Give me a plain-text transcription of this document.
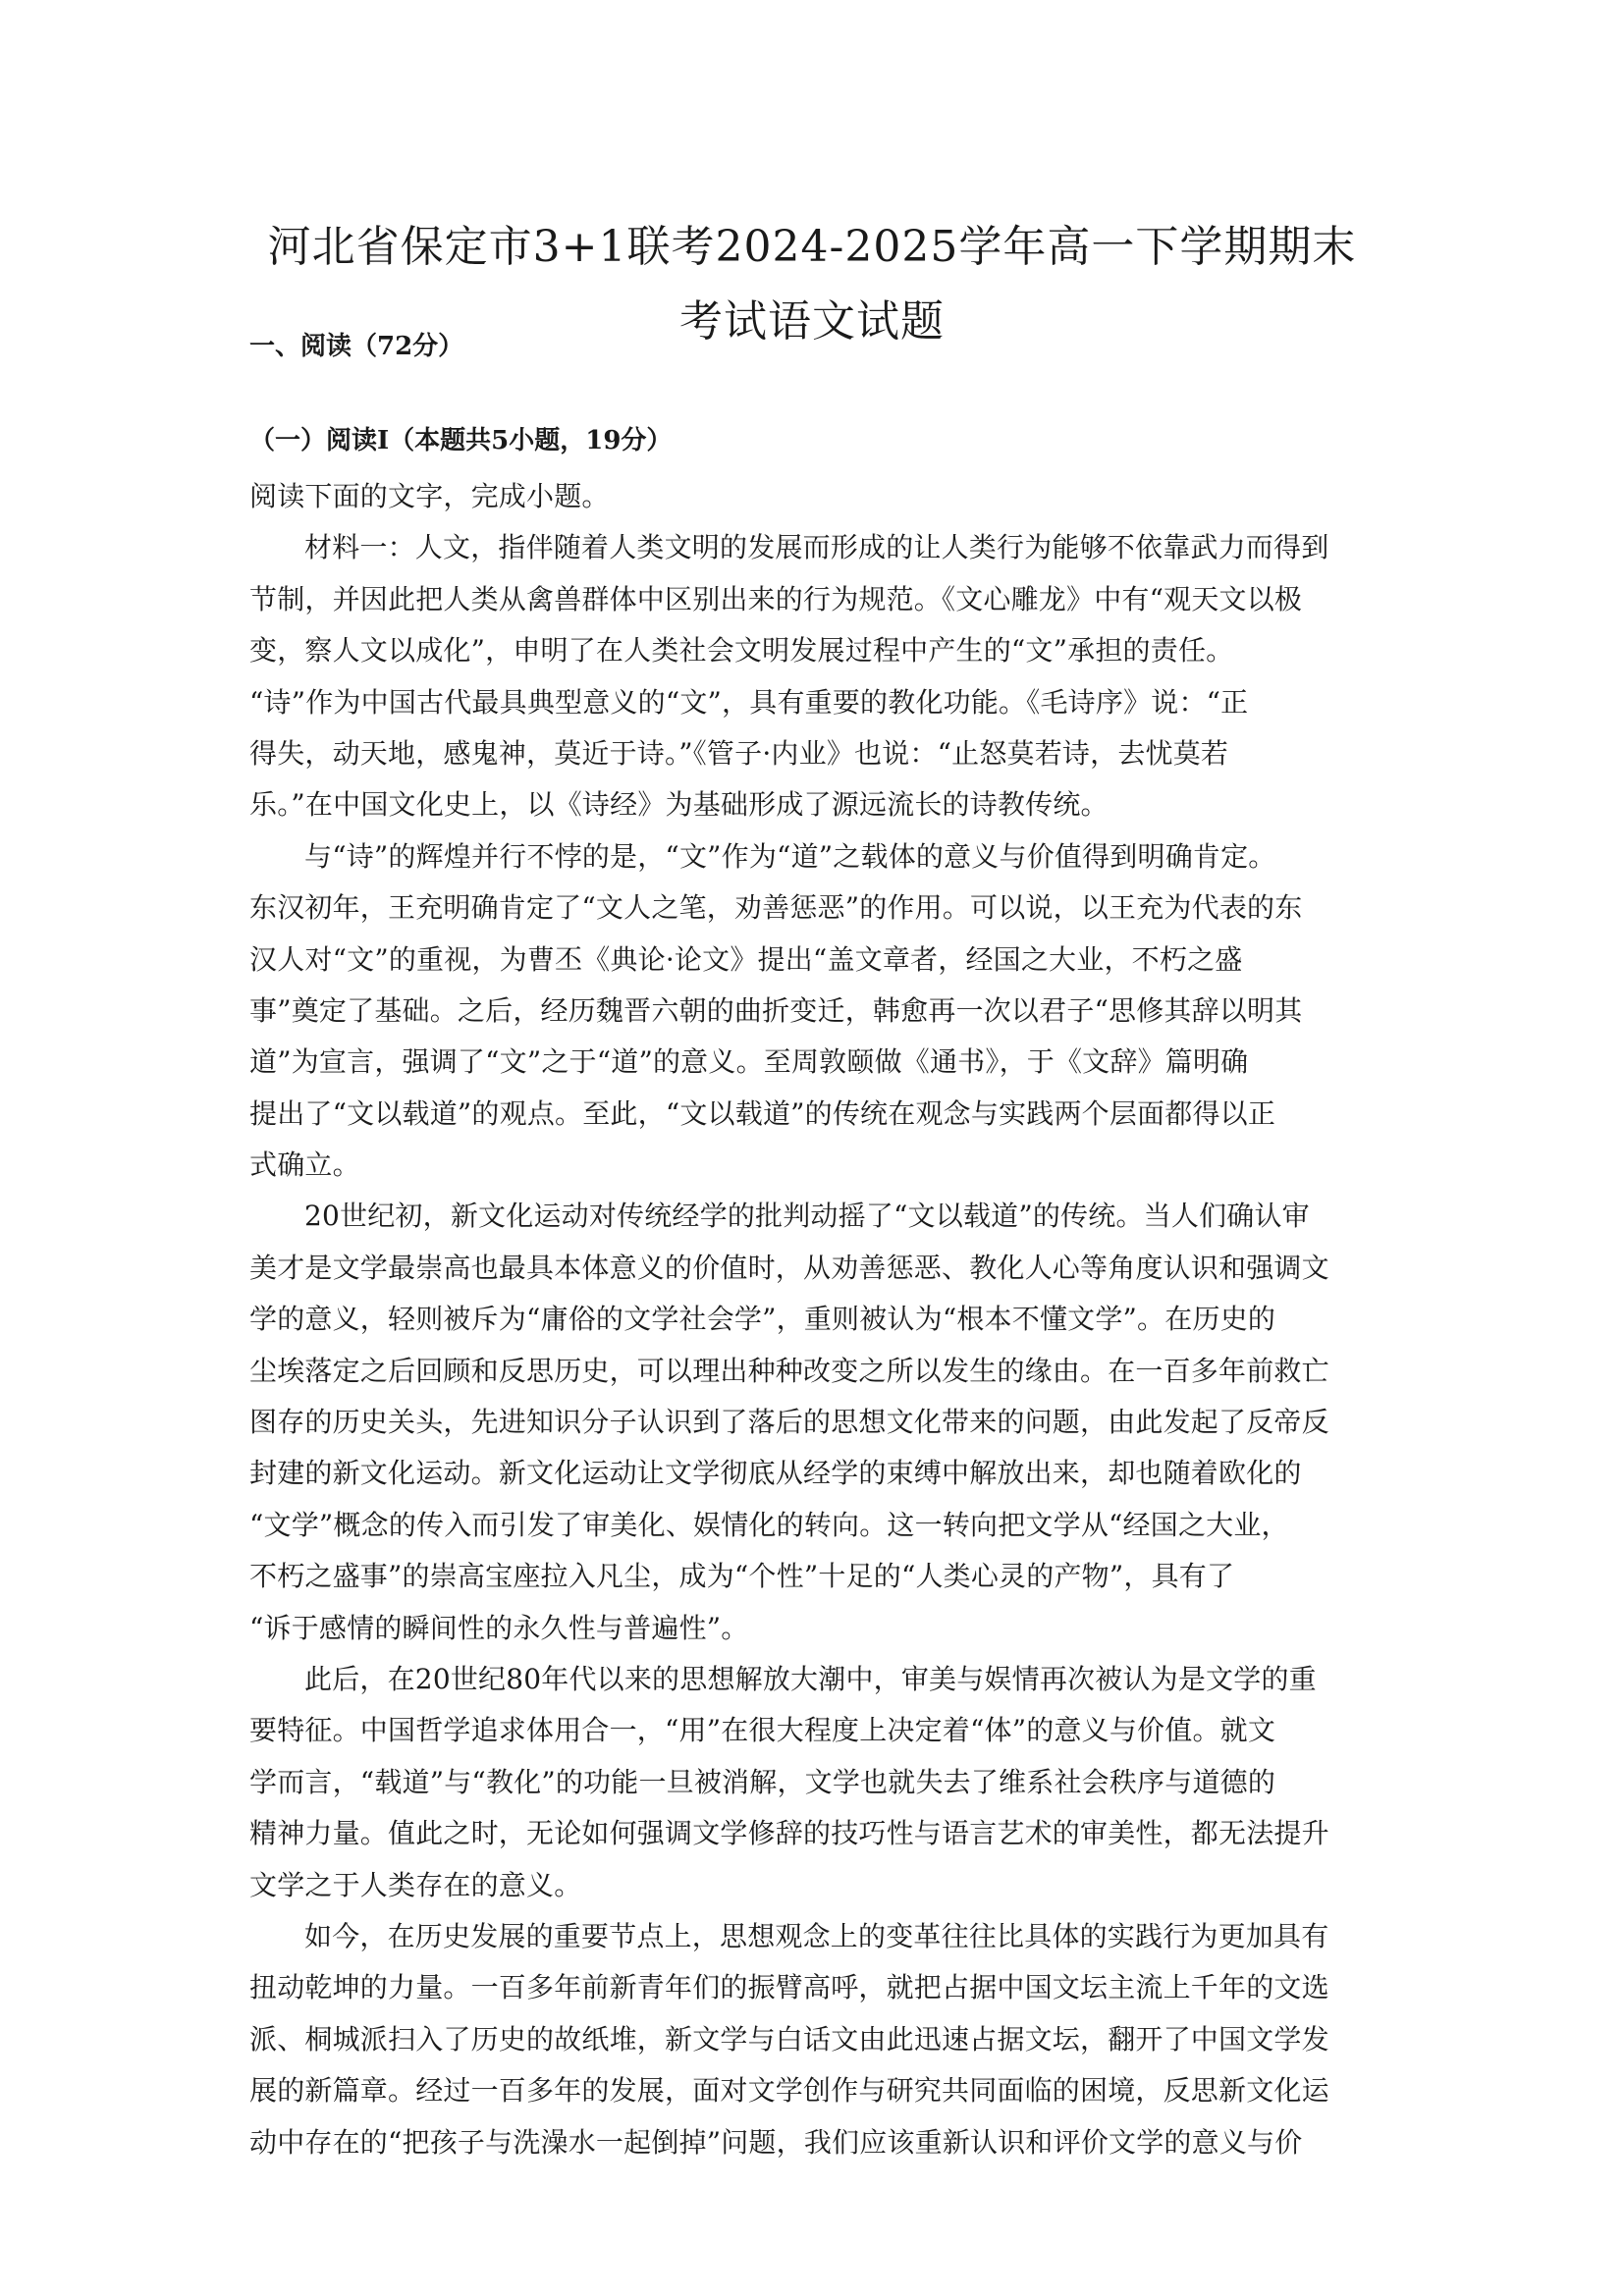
河北省保定市3+1联考2024-2025学年高一下学期期末
考试语文试题
一、阅读（72分）
（一）阅读Ⅰ（本题共5小题，19分）
阅读下面的文字，完成小题。
材料一：人文，指伴随着人类文明的发展而形成的让人类行为能够不依靠武力而得到
节制，并因此把人类从禽兽群体中区别出来的行为规范。《文心雕龙》中有“观天文以极
变，察人文以成化”，申明了在人类社会文明发展过程中产生的“文”承担的责任。
“诗”作为中国古代最具典型意义的“文”，具有重要的教化功能。《毛诗序》说：“正
得失，动天地，感鬼神，莫近于诗。”《管子·内业》也说：“止怒莫若诗，去忧莫若
乐。”在中国文化史上，以《诗经》为基础形成了源远流长的诗教传统。
与“诗”的辉煌并行不悖的是，“文”作为“道”之载体的意义与价值得到明确肯定。
东汉初年，王充明确肯定了“文人之笔，劝善惩恶”的作用。可以说，以王充为代表的东
汉人对“文”的重视，为曹丕《典论·论文》提出“盖文章者，经国之大业，不朽之盛
事”奠定了基础。之后，经历魏晋六朝的曲折变迁，韩愈再一次以君子“思修其辞以明其
道”为宣言，强调了“文”之于“道”的意义。至周敦颐做《通书》，于《文辞》篇明确
提出了“文以载道”的观点。至此，“文以载道”的传统在观念与实践两个层面都得以正
式确立。
20世纪初，新文化运动对传统经学的批判动摇了“文以载道”的传统。当人们确认审
美才是文学最崇高也最具本体意义的价值时，从劝善惩恶、教化人心等角度认识和强调文
学的意义，轻则被斥为“庸俗的文学社会学”，重则被认为“根本不懂文学”。在历史的
尘埃落定之后回顾和反思历史，可以理出种种改变之所以发生的缘由。在一百多年前救亡
图存的历史关头，先进知识分子认识到了落后的思想文化带来的问题，由此发起了反帝反
封建的新文化运动。新文化运动让文学彻底从经学的束缚中解放出来，却也随着欧化的
“文学”概念的传入而引发了审美化、娱情化的转向。这一转向把文学从“经国之大业，
不朽之盛事”的崇高宝座拉入凡尘，成为“个性”十足的“人类心灵的产物”，具有了
“诉于感情的瞬间性的永久性与普遍性”。
此后，在20世纪80年代以来的思想解放大潮中，审美与娱情再次被认为是文学的重
要特征。中国哲学追求体用合一，“用”在很大程度上决定着“体”的意义与价值。就文
学而言，“载道”与“教化”的功能一旦被消解，文学也就失去了维系社会秩序与道德的
精神力量。值此之时，无论如何强调文学修辞的技巧性与语言艺术的审美性，都无法提升
文学之于人类存在的意义。
如今，在历史发展的重要节点上，思想观念上的变革往往比具体的实践行为更加具有
扭动乾坤的力量。一百多年前新青年们的振臂高呼，就把占据中国文坛主流上千年的文选
派、桐城派扫入了历史的故纸堆，新文学与白话文由此迅速占据文坛，翻开了中国文学发
展的新篇章。经过一百多年的发展，面对文学创作与研究共同面临的困境，反思新文化运
动中存在的“把孩子与洗澡水一起倒掉”问题，我们应该重新认识和评价文学的意义与价
